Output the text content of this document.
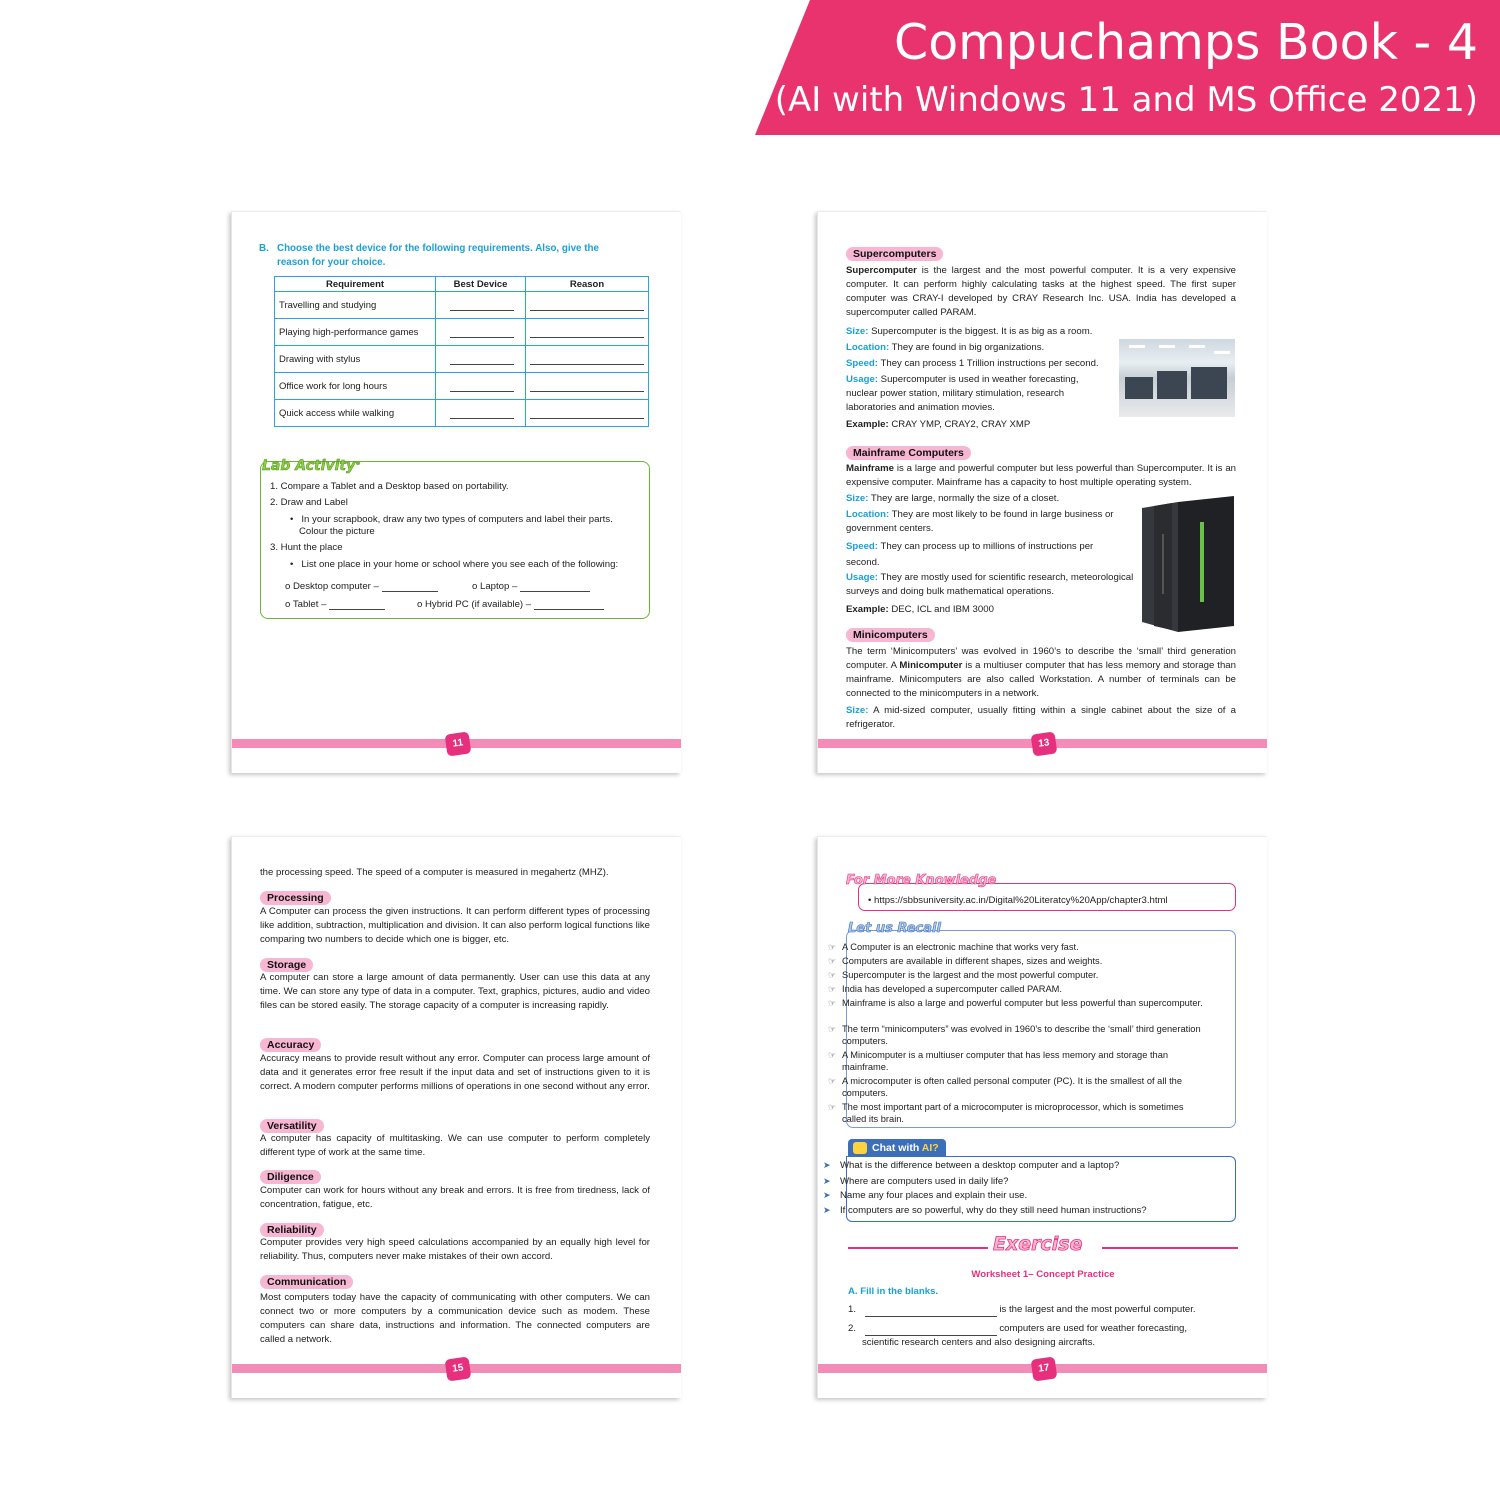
Compuchamps Book - 4
(AI with Windows 11 and MS Office 2021)
B. Choose the best device for the following requirements. Also, give the reason for your choice.
Requirement	Best Device	Reason
Travelling and studying		
Playing high-performance games		
Drawing with stylus		
Office work for long hours		
Quick access while walking		
Lab Activity
1. Compare a Tablet and a Desktop based on portability.
2. Draw and Label
•   In your scrapbook, draw any two types of computers and label their parts.
Colour the picture
3. Hunt the place
•   List one place in your home or school where you see each of the following:
o Desktop computer –	o Laptop –
o Tablet –	o Hybrid PC (if available) –
11
Supercomputers
Supercomputer is the largest and the most powerful computer. It is a very expensive computer. It can perform highly calculating tasks at the highest speed. The first super computer was CRAY-I developed by CRAY Research Inc. USA. India has developed a supercomputer called PARAM.
Size: Supercomputer is the biggest. It is as big as a room.
Location: They are found in big organizations.
Speed: They can process 1 Trillion instructions per second.
Usage: Supercomputer is used in weather forecasting, nuclear power station, military stimulation, research laboratories and animation movies.
Example: CRAY YMP, CRAY2, CRAY XMP
Mainframe Computers
Mainframe is a large and powerful computer but less powerful than Supercomputer. It is an expensive computer. Mainframe has a capacity to host multiple operating system.
Size: They are large, normally the size of a closet.
Location: They are most likely to be found in large business or government centers.
Speed: They can process up to millions of instructions per second.
Usage: They are mostly used for scientific research, meteorological surveys and doing bulk mathematical operations.
Example: DEC, ICL and IBM 3000
Minicomputers
The term ‘Minicomputers’ was evolved in 1960’s to describe the ‘small’ third generation computer. A Minicomputer is a multiuser computer that has less memory and storage than mainframe. Minicomputers are also called Workstation. A number of terminals can be connected to the minicomputers in a network.
Size: A mid-sized computer, usually fitting within a single cabinet about the size of a refrigerator.
13
the processing speed. The speed of a computer is measured in megahertz (MHZ).
Processing
A Computer can process the given instructions. It can perform different types of processing like addition, subtraction, multiplication and division. It can also perform logical functions like comparing two numbers to decide which one is bigger, etc.
Storage
A computer can store a large amount of data permanently. User can use this data at any time. We can store any type of data in a computer. Text, graphics, pictures, audio and video files can be stored easily. The storage capacity of a computer is increasing rapidly.
Accuracy
Accuracy means to provide result without any error. Computer can process large amount of data and it generates error free result if the input data and set of instructions given to it is correct. A modern computer performs millions of operations in one second without any error.
Versatility
A computer has capacity of multitasking. We can use computer to perform completely different type of work at the same time.
Diligence
Computer can work for hours without any break and errors. It is free from tiredness, lack of concentration, fatigue, etc.
Reliability
Computer provides very high speed calculations accompanied by an equally high level for reliability. Thus, computers never make mistakes of their own accord.
Communication
Most computers today have the capacity of communicating with other computers. We can connect two or more computers by a communication device such as modem. These computers can share data, instructions and information. The connected computers are called a network.
15
For More Knowledge
• https://sbbsuniversity.ac.in/Digital%20Literatcy%20App/chapter3.html
Let us Recall
☞ A Computer is an electronic machine that works very fast.
☞ Computers are available in different shapes, sizes and weights.
☞ Supercomputer is the largest and the most powerful computer.
☞ India has developed a supercomputer called PARAM.
☞ Mainframe is also a large and powerful computer but less powerful than supercomputer.
☞ The term “minicomputers” was evolved in 1960’s to describe the ‘small’ third generation computers.
☞ A Minicomputer is a multiuser computer that has less memory and storage than mainframe.
☞ A microcomputer is often called personal computer (PC). It is the smallest of all the computers.
☞ The most important part of a microcomputer is microprocessor, which is sometimes called its brain.
Chat with AI?
➤ What is the difference between a desktop computer and a laptop?
➤ Where are computers used in daily life?
➤ Name any four places and explain their use.
➤ If computers are so powerful, why do they still need human instructions?
Exercise
Worksheet 1– Concept Practice
A. Fill in the blanks.
1.	is the largest and the most powerful computer.
2.	computers are used for weather forecasting,
scientific research centers and also designing aircrafts.
17
